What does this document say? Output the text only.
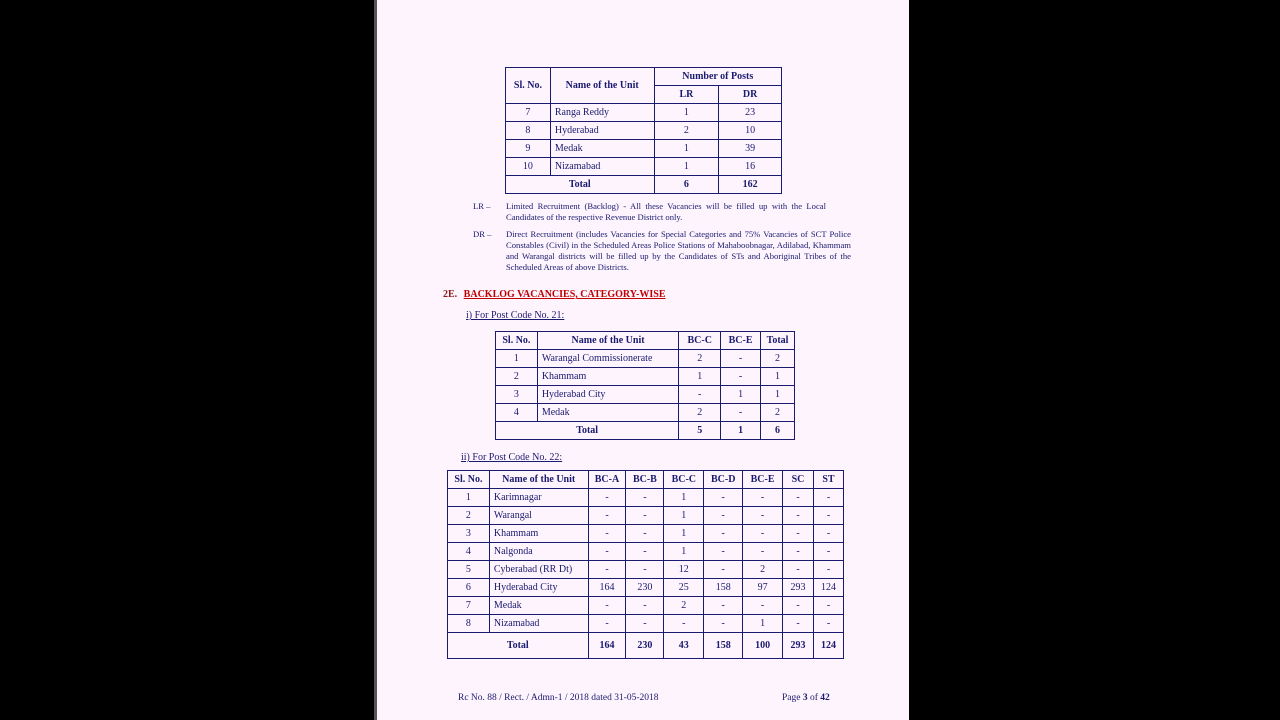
Sl. No.	Name of the Unit	Number of Posts	
		LR	DR
7	Ranga Reddy	1	23
8	Hyderabad	2	10
9	Medak	1	39
10	Nizamabad	1	16
Total		6	162
LR – Limited Recruitment (Backlog) - All these Vacancies will be filled up with the Local Candidates of the respective Revenue District only.
DR – Direct Recruitment (includes Vacancies for Special Categories and 75% Vacancies of SCT Police Constables (Civil) in the Scheduled Areas Police Stations of Mahaboobnagar, Adilabad, Khammam and Warangal districts will be filled up by the Candidates of STs and Aboriginal Tribes of the Scheduled Areas of above Districts.
2E. BACKLOG VACANCIES, CATEGORY-WISE
i) For Post Code No. 21:
Sl. No.	Name of the Unit	BC-C	BC-E	Total
1	Warangal Commissionerate	2	-	2
2	Khammam	1	-	1
3	Hyderabad City	-	1	1
4	Medak	2	-	2
Total		5	1	6
ii) For Post Code No. 22:
Sl. No.	Name of the Unit	BC-A	BC-B	BC-C	BC-D	BC-E	SC	ST
1	Karimnagar	-	-	1	-	-	-	-
2	Warangal	-	-	1	-	-	-	-
3	Khammam	-	-	1	-	-	-	-
4	Nalgonda	-	-	1	-	-	-	-
5	Cyberabad (RR Dt)	-	-	12	-	2	-	-
6	Hyderabad City	164	230	25	158	97	293	124
7	Medak	-	-	2	-	-	-	-
8	Nizamabad	-	-	-	-	1	-	-
Total		164	230	43	158	100	293	124
Rc No. 88 / Rect. / Admn-1 / 2018 dated 31-05-2018	Page 3 of 42
